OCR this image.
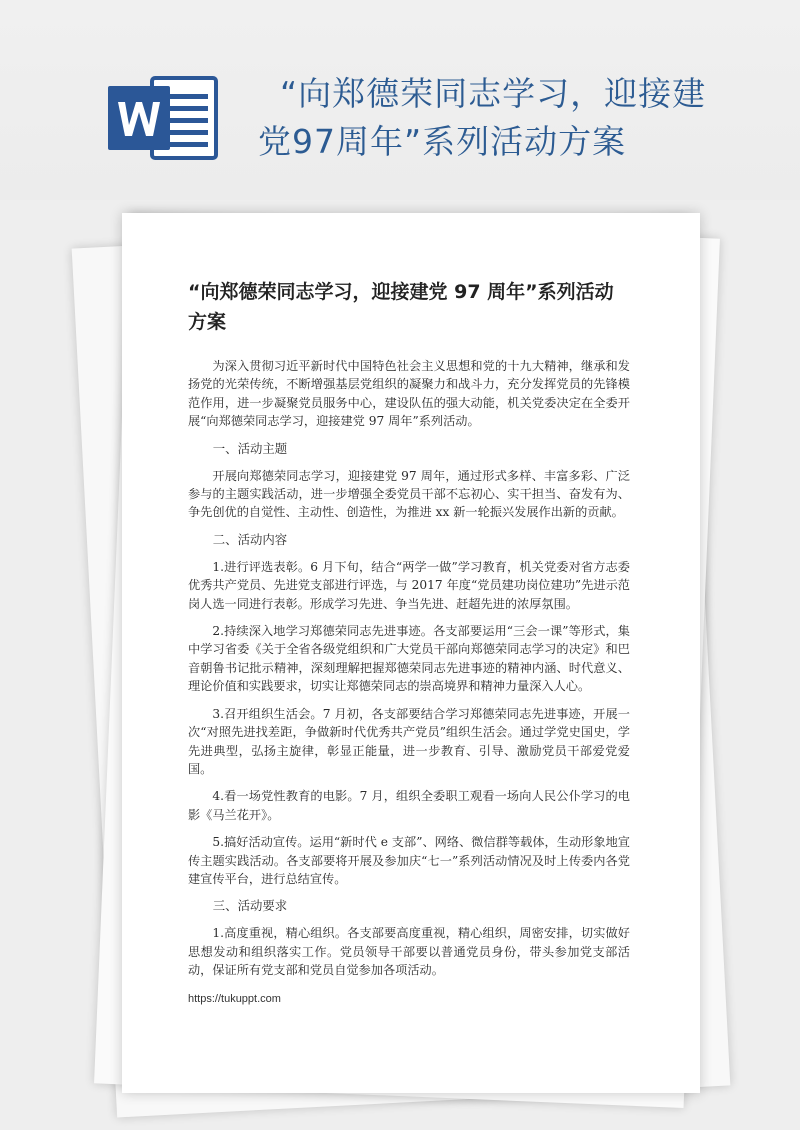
“向郑德荣同志学习，迎接建
党97周年”系列活动方案
“向郑德荣同志学习，迎接建党 97 周年”系列活动方案

为深入贯彻习近平新时代中国特色社会主义思想和党的十九大精神，继承和发扬党的光荣传统，不断增强基层党组织的凝聚力和战斗力，充分发挥党员的先锋模范作用，进一步凝聚党员服务中心，建设队伍的强大动能，机关党委决定在全委开展“向郑德荣同志学习，迎接建党 97 周年”系列活动。

一、活动主题

开展向郑德荣同志学习，迎接建党 97 周年，通过形式多样、丰富多彩、广泛参与的主题实践活动，进一步增强全委党员干部不忘初心、实干担当、奋发有为、争先创优的自觉性、主动性、创造性，为推进 xx 新一轮振兴发展作出新的贡献。

二、活动内容

1.进行评选表彰。6 月下旬，结合“两学一做”学习教育，机关党委对省方志委优秀共产党员、先进党支部进行评选，与 2017 年度“党员建功岗位建功”先进示范岗人选一同进行表彰。形成学习先进、争当先进、赶超先进的浓厚氛围。

2.持续深入地学习郑德荣同志先进事迹。各支部要运用“三会一课”等形式，集中学习省委《关于全省各级党组织和广大党员干部向郑德荣同志学习的决定》和巴音朝鲁书记批示精神，深刻理解把握郑德荣同志先进事迹的精神内涵、时代意义、理论价值和实践要求，切实让郑德荣同志的崇高境界和精神力量深入人心。

3.召开组织生活会。7 月初，各支部要结合学习郑德荣同志先进事迹，开展一次“对照先进找差距，争做新时代优秀共产党员”组织生活会。通过学党史国史，学先进典型，弘扬主旋律，彰显正能量，进一步教育、引导、激励党员干部爱党爱国。

4.看一场党性教育的电影。7 月，组织全委职工观看一场向人民公仆学习的电影《马兰花开》。

5.搞好活动宣传。运用“新时代 e 支部”、网络、微信群等载体，生动形象地宣传主题实践活动。各支部要将开展及参加庆“七一”系列活动情况及时上传委内各党建宣传平台，进行总结宣传。

三、活动要求

1.高度重视，精心组织。各支部要高度重视，精心组织，周密安排，切实做好思想发动和组织落实工作。党员领导干部要以普通党员身份，带头参加党支部活动，保证所有党支部和党员自觉参加各项活动。

https://tukuppt.com
